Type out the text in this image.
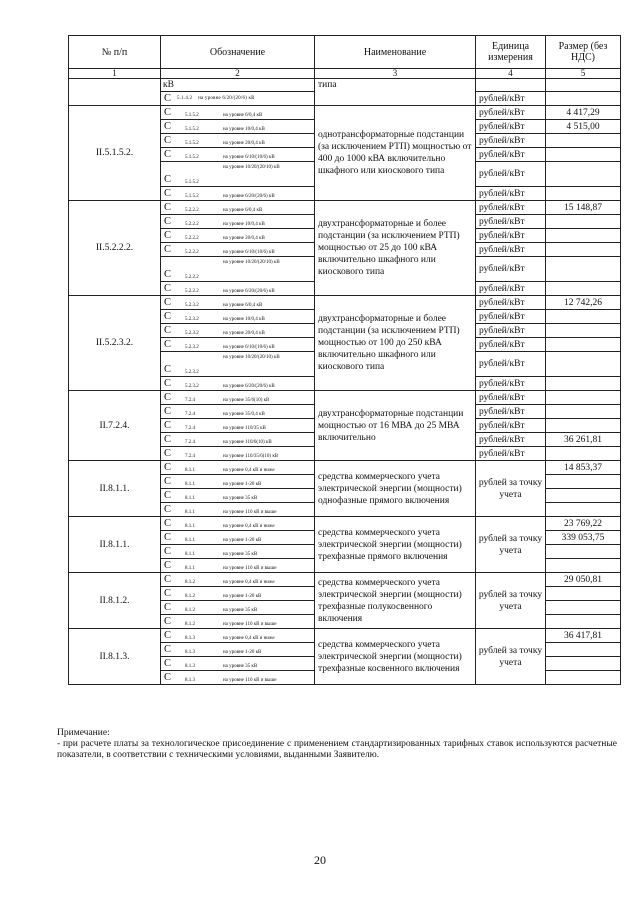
№ п/п	Обозначение	Наименование	Единица измерения	Размер (без НДС)
1	2	3	4	5
	кВ	типа		
	С 5.1.4.2 на уровне 6/20/(20/6) кВ		рублей/кВт	
II.5.1.5.2.	С 5.1.5.2 на уровне 6/0,4 кВ	однотрансформаторные подстанции (за исключением РТП) мощностью от 400 до 1000 кВА включительно шкафного или киоскового типа	рублей/кВт	4 417,29

	С 5.1.5.2 на уровне 10/0,4 кВ		рублей/кВт	4 515,00

	С 5.1.5.2 на уровне 20/0,4 кВ		рублей/кВт	

	С 5.1.5.2 на уровне 6/10/(10/6) кВ		рублей/кВт	

	С 5.1.5.2
на уровне 10/20/(20/10) кВ		рублей/кВт	

	С 5.1.5.2 на уровне 6/20/(20/6) кВ		рублей/кВт	
II.5.2.2.2.	С 5.2.2.2 на уровне 6/0,4 кВ	двухтрансформаторные и более подстанции (за исключением РТП) мощностью от 25 до 100 кВА включительно шкафного или киоскового типа	рублей/кВт	15 148,87

	С 5.2.2.2 на уровне 10/0,4 кВ		рублей/кВт	

	С 5.2.2.2 на уровне 20/0,4 кВ		рублей/кВт	

	С 5.2.2.2 на уровне 6/10/(10/6) кВ		рублей/кВт	

	С 5.2.2.2
на уровне 10/20/(20/10) кВ		рублей/кВт	

	С 5.2.2.2 на уровне 6/20/(20/6) кВ		рублей/кВт	
II.5.2.3.2.	С 5.2.3.2 на уровне 6/0,4 кВ	двухтрансформаторные и более подстанции (за исключением РТП) мощностью от 100 до 250 кВА включительно шкафного или киоскового типа	рублей/кВт	12 742,26

	С 5.2.3.2 на уровне 10/0,4 кВ		рублей/кВт	

	С 5.2.3.2 на уровне 20/0,4 кВ		рублей/кВт	

	С 5.2.3.2 на уровне 6/10/(10/6) кВ		рублей/кВт	

	С 5.2.3.2
на уровне 10/20/(20/10) кВ		рублей/кВт	

	С 5.2.3.2 на уровне 6/20/(20/6) кВ		рублей/кВт	
II.7.2.4.	С 7.2.4 на уровне 35/6(10) кВ	двухтрансформаторные подстанции мощностью от 16 МВА до 25 МВА включительно	рублей/кВт	

	С 7.2.4 на уровне 35/0,4 кВ		рублей/кВт	

	С 7.2.4 на уровне 110/35 кВ		рублей/кВт	

	С 7.2.4 на уровне 110/6(10) кВ		рублей/кВт	36 261,81

	С 7.2.4 на уровне 110/35/6(10) кВ		рублей/кВт	
II.8.1.1.	С 8.1.1 на уровне 0,4 кВ и ниже	средства коммерческого учета электрической энергии (мощности) однофазные прямого включения	рублей за точку учета	14 853,37

	С 8.1.1 на уровне 1-20 кВ			

	С 8.1.1 на уровне 35 кВ			

	С 8.1.1 на уровне 110 кВ и выше			

II.8.1.1.	С 8.1.1 на уровне 0,4 кВ и ниже	средства коммерческого учета электрической энергии (мощности) трехфазные прямого включения	рублей за точку учета	23 769,22

	С 8.1.1 на уровне 1-20 кВ			339 053,75

	С 8.1.1 на уровне 35 кВ			

	С 8.1.1 на уровне 110 кВ и выше			

II.8.1.2.	С 8.1.2 на уровне 0,4 кВ и ниже	средства коммерческого учета электрической энергии (мощности) трехфазные полукосвенного включения	рублей за точку учета	29 050,81

	С 8.1.2 на уровне 1-20 кВ			

	С 8.1.2 на уровне 35 кВ			

	С 8.1.2 на уровне 110 кВ и выше			

II.8.1.3.	С 8.1.3 на уровне 0,4 кВ и ниже	средства коммерческого учета электрической энергии (мощности) трехфазные косвенного включения	рублей за точку учета	36 417,81

	С 8.1.3 на уровне 1-20 кВ			

	С 8.1.3 на уровне 35 кВ			

	С 8.1.3 на уровне 110 кВ и выше			

Примечание:

- при расчете платы за технологическое присоединение с применением стандартизированных тарифных ставок используются расчетные показатели, в соответствии с техническими условиями, выданными Заявителю.

20
